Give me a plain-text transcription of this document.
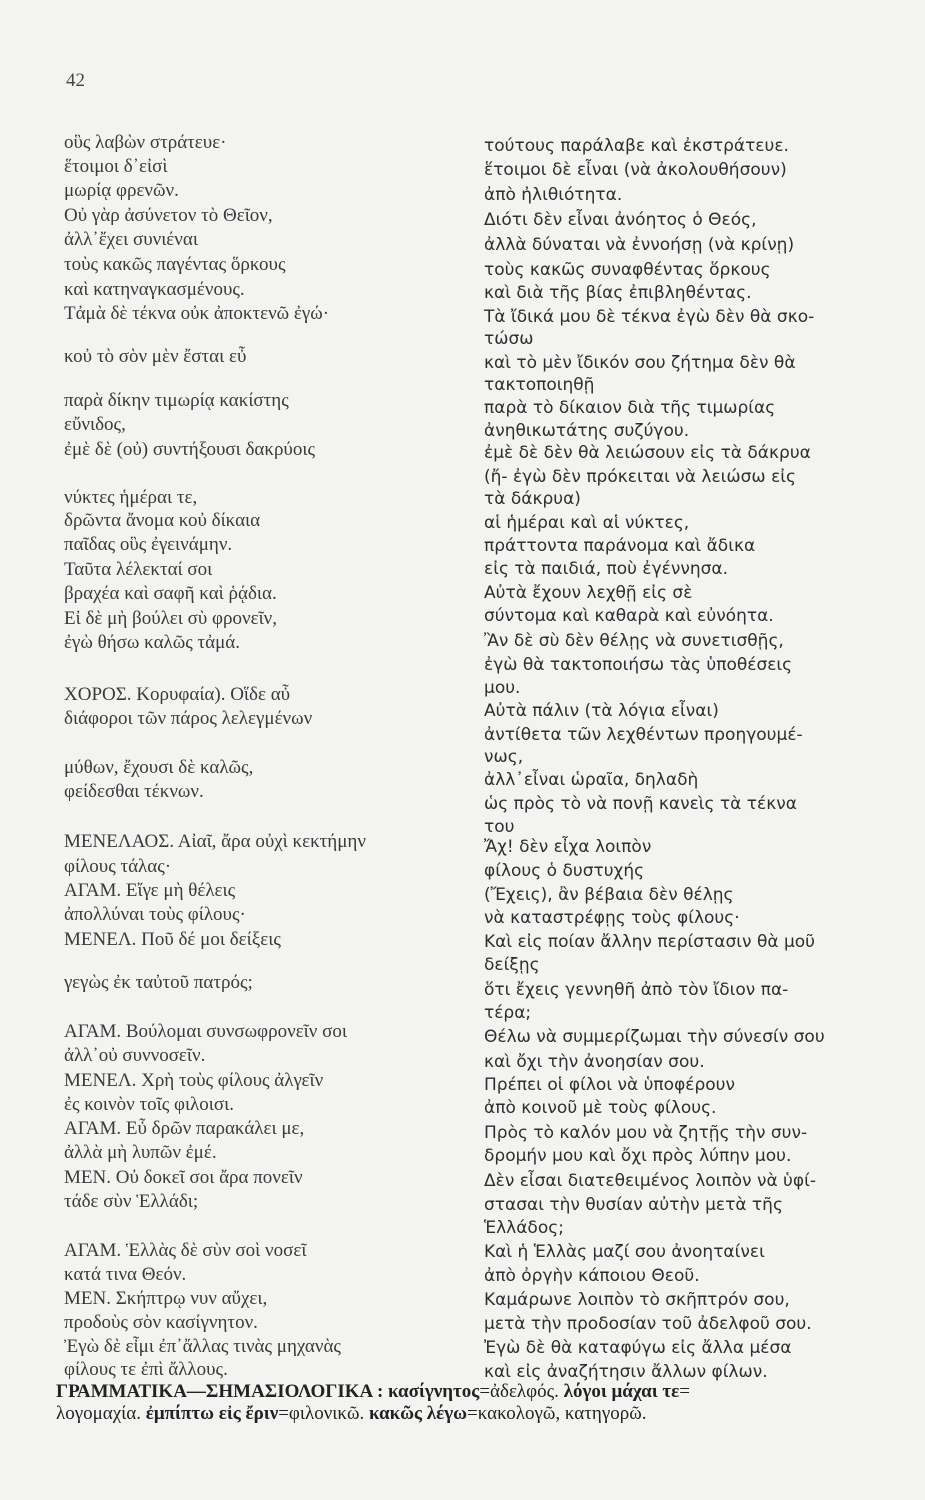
42
οὓς λαβὼν στράτευε·
ἕτοιμοι δ᾽εἰσὶ
μωρίᾳ φρενῶν.
Οὐ γὰρ ἀσύνετον τὸ Θεῖον,
ἀλλ᾽ἔχει συνιέναι
τοὺς κακῶς παγέντας ὅρκους
καὶ κατηναγκασμένους.
Τἀμὰ δὲ τέκνα οὐκ ἀποκτενῶ ἐγώ·
κοὐ τὸ σὸν μὲν ἔσται εὖ
παρὰ δίκην τιμωρίᾳ κακίστης
εὔνιδος,
ἐμὲ δὲ (οὐ) συντήξουσι δακρύοις
νύκτες ἡμέραι τε,
δρῶντα ἄνομα κοὐ δίκαια
παῖδας οὓς ἐγεινάμην.
Ταῦτα λέλεκταί σοι
βραχέα καὶ σαφῆ καὶ ῥᾴδια.
Εἰ δὲ μὴ βούλει σὺ φρονεῖν,
ἐγὼ θήσω καλῶς τἀμά.
ΧΟΡΟΣ. Κορυφαία). Οἵδε αὖ
διάφοροι τῶν πάρος λελεγμένων
μύθων, ἔχουσι δὲ καλῶς,
φείδεσθαι τέκνων.
ΜΕΝΕΛΑΟΣ. Αἰαῖ, ἄρα οὐχὶ κεκτήμην
φίλους τάλας·
ΑΓΑΜ. Εἴγε μὴ θέλεις
ἀπολλύναι τοὺς φίλους·
ΜΕΝΕΛ. Ποῦ δέ μοι δείξεις
γεγὼς ἐκ ταὐτοῦ πατρός;
ΑΓΑΜ. Βούλομαι συνσωφρονεῖν σοι
ἀλλ᾽οὐ συννοσεῖν.
ΜΕΝΕΛ. Χρὴ τοὺς φίλους ἀλγεῖν
ἐς κοινὸν τοῖς φιλοισι.
ΑΓΑΜ. Εὖ δρῶν παρακάλει με,
ἀλλὰ μὴ λυπῶν ἐμέ.
ΜΕΝ. Οὐ δοκεῖ σοι ἄρα πονεῖν
τάδε σὺν Ἑλλάδι;
ΑΓΑΜ. Ἑλλὰς δὲ σὺν σοὶ νοσεῖ
κατά τινα Θεόν.
ΜΕΝ. Σκήπτρῳ νυν αὔχει,
προδοὺς σὸν κασίγνητον.
Ἐγὼ δὲ εἶμι ἐπ᾽ἄλλας τινὰς μηχανὰς
φίλους τε ἐπὶ ἄλλους.
τούτους παράλαβε καὶ ἐκστράτευε.
ἕτοιμοι δὲ εἶναι (νὰ ἀκολουθήσουν)
ἀπὸ ἠλιθιότητα.
Διότι δὲν εἶναι ἀνόητος ὁ Θεός,
ἀλλὰ δύναται νὰ ἐννοήσῃ (νὰ κρίνῃ)
τοὺς κακῶς συναφθέντας ὅρκους
καὶ διὰ τῆς βίας ἐπιβληθέντας.
Τὰ ἴδικά μου δὲ τέκνα ἐγὼ δὲν θὰ σκο-
τώσω
καὶ τὸ μὲν ἴδικόν σου ζήτημα δὲν θὰ
τακτοποιηθῇ
παρὰ τὸ δίκαιον διὰ τῆς τιμωρίας
ἀνηθικωτάτης συζύγου.
ἐμὲ δὲ δὲν θὰ λειώσουν εἰς τὰ δάκρυα
(ἤ- ἐγὼ δὲν πρόκειται νὰ λειώσω εἰς
τὰ δάκρυα)
αἱ ἡμέραι καὶ αἱ νύκτες,
πράττοντα παράνομα καὶ ἄδικα
εἰς τὰ παιδιά, ποὺ ἐγέννησα.
Αὐτὰ ἔχουν λεχθῇ εἰς σὲ
σύντομα καὶ καθαρὰ καὶ εὐνόητα.
Ἂν δὲ σὺ δὲν θέλῃς νὰ συνετισθῇς,
ἐγὼ θὰ τακτοποιήσω τὰς ὑποθέσεις
μου.
Αὐτὰ πάλιν (τὰ λόγια εἶναι)
ἀντίθετα τῶν λεχθέντων προηγουμέ-
νως,
ἀλλ᾽εἶναι ὡραῖα, δηλαδὴ
ὡς πρὸς τὸ νὰ πονῇ κανεὶς τὰ τέκνα
του
Ἄχ! δὲν εἶχα λοιπὸν
φίλους ὁ δυστυχής
(Ἔχεις), ἂν βέβαια δὲν θέλῃς
νὰ καταστρέφῃς τοὺς φίλους·
Καὶ εἰς ποίαν ἄλλην περίστασιν θὰ μοῦ
δείξῃς
ὅτι ἔχεις γεννηθῆ ἀπὸ τὸν ἴδιον πα-
τέρα;
Θέλω νὰ συμμερίζωμαι τὴν σύνεσίν σου
καὶ ὄχι τὴν ἀνοησίαν σου.
Πρέπει οἱ φίλοι νὰ ὑποφέρουν
ἀπὸ κοινοῦ μὲ τοὺς φίλους.
Πρὸς τὸ καλόν μου νὰ ζητῇς τὴν συν-
δρομήν μου καὶ ὄχι πρὸς λύπην μου.
Δὲν εἶσαι διατεθειμένος λοιπὸν νὰ ὑφί-
στασαι τὴν θυσίαν αὐτὴν μετὰ τῆς
Ἑλλάδος;
Καὶ ἡ Ἑλλὰς μαζί σου ἀνοηταίνει
ἀπὸ ὀργὴν κάποιου Θεοῦ.
Καμάρωνε λοιπὸν τὸ σκῆπτρόν σου,
μετὰ τὴν προδοσίαν τοῦ ἀδελφοῦ σου.
Ἐγὼ δὲ θὰ καταφύγω εἰς ἄλλα μέσα
καὶ εἰς ἀναζήτησιν ἄλλων φίλων.
ΓΡΑΜΜΑΤΙΚΑ—ΣΗΜΑΣΙΟΛΟΓΙΚΑ : κασίγνητος=ἀδελφός. λόγοι μάχαι τε=
λογομαχία. ἐμπίπτω εἰς ἔριν=φιλονικῶ. κακῶς λέγω=κακολογῶ, κατηγορῶ.
